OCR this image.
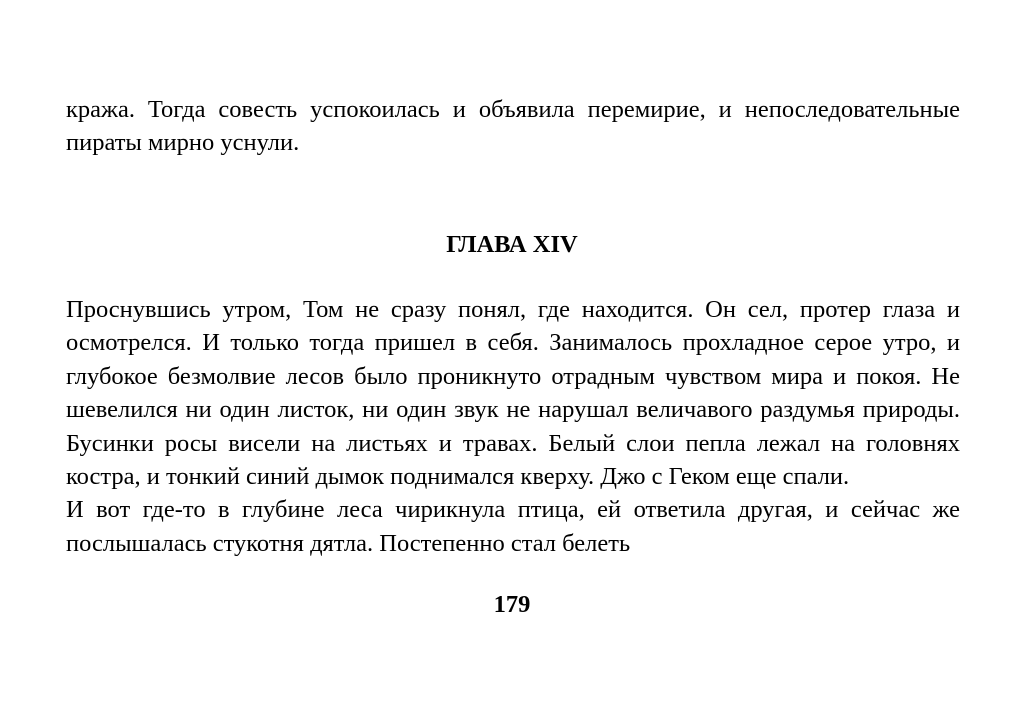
кража. Тогда совесть успокоилась и объявила перемирие, и непоследовательные пираты мирно уснули.

ГЛАВА XIV

Проснувшись утром, Том не сразу понял, где находится. Он сел, протер глаза и осмотрелся. И только тогда пришел в себя. Занималось прохладное серое утро, и глубокое безмолвие лесов было проникнуто отрадным чувством мира и покоя. Не шевелился ни один листок, ни один звук не нарушал величавого раздумья природы. Бусинки росы висели на листьях и травах. Белый слои пепла лежал на головнях костра, и тонкий синий дымок поднимался кверху. Джо с Геком еще спали.

И вот где-то в глубине леса чирикнула птица, ей ответила другая, и сейчас же послышалась стукотня дятла. Постепенно стал белеть

179
